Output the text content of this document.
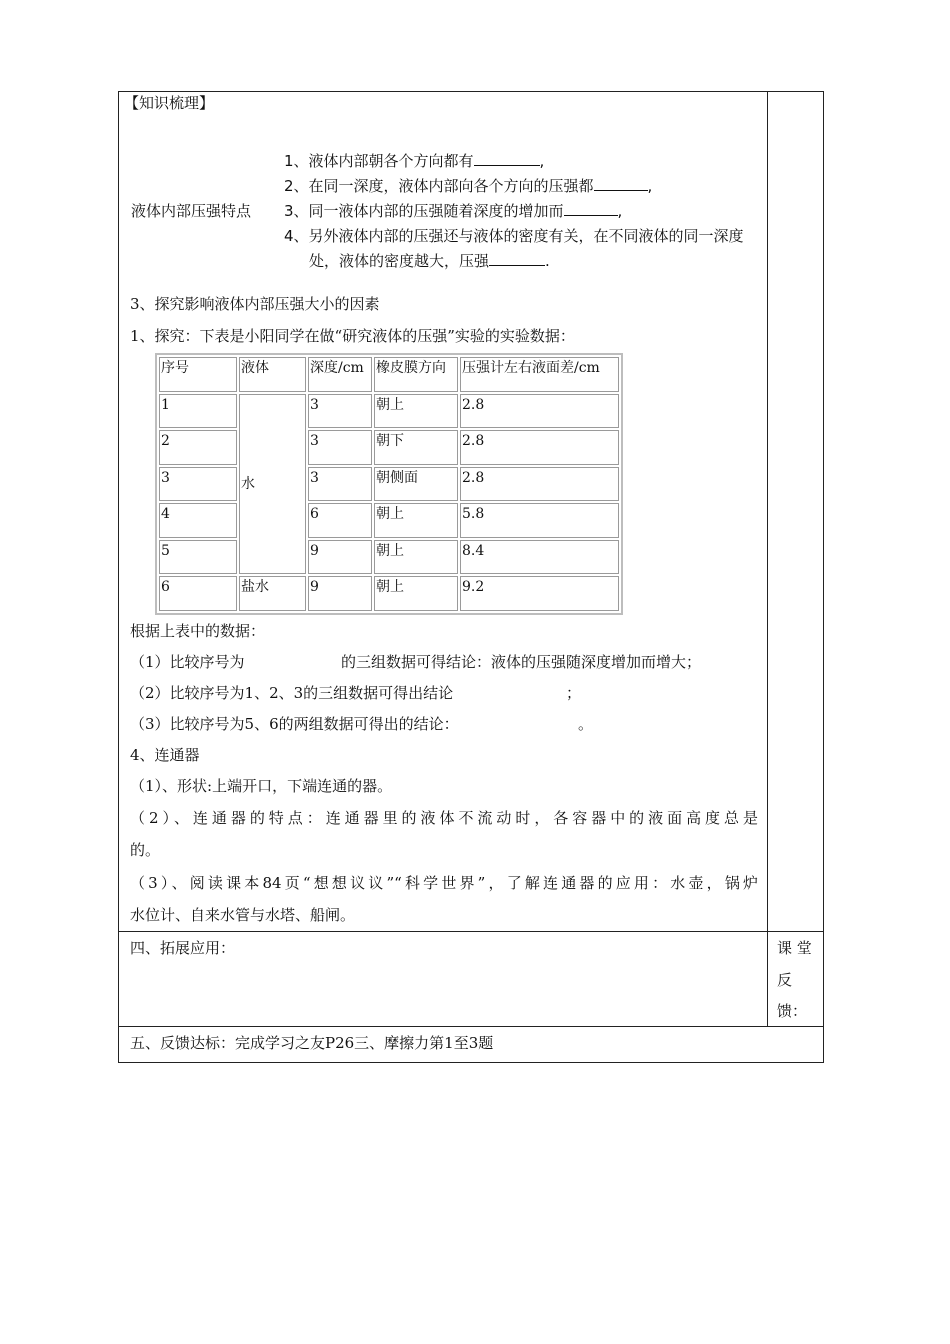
【知识梳理】
液体内部压强特点
1、液体内部朝各个方向都有	,
2、在同一深度，液体内部向各个方向的压强都	,
3、同一液体内部的压强随着深度的增加而	,
4、另外液体内部的压强还与液体的密度有关，在不同液体的同一深度
处，液体的密度越大，压强	.
3、探究影响液体内部压强大小的因素
1、探究：下表是小阳同学在做“研究液体的压强”实验的实验数据：
序号	液体	深度/cm	橡皮膜方向	压强计左右液面差/cm
1	水	3	朝上	2.8
2		3	朝下	2.8
3		3	朝侧面	2.8
4		6	朝上	5.8
5		9	朝上	8.4
6	盐水	9	朝上	9.2
根据上表中的数据：
（1）比较序号为	的三组数据可得结论：液体的压强随深度增加而增大；
（2）比较序号为1、2、3的三组数据可得出结论	；
（3）比较序号为5、6的两组数据可得出的结论：	。
4、连通器
（1）、形状:上端开口，下端连通的器。
（2）、连通器的特点：连通器里的液体不流动时，各容器中的液面高度总是
的。
（3）、阅读课本84页“想想议议”“科学世界”，了解连通器的应用：水壶，锅炉
水位计、自来水管与水塔、船闸。
四、拓展应用：	课 堂
反
馈：
五、反馈达标：完成学习之友P26三、摩擦力第1至3题
